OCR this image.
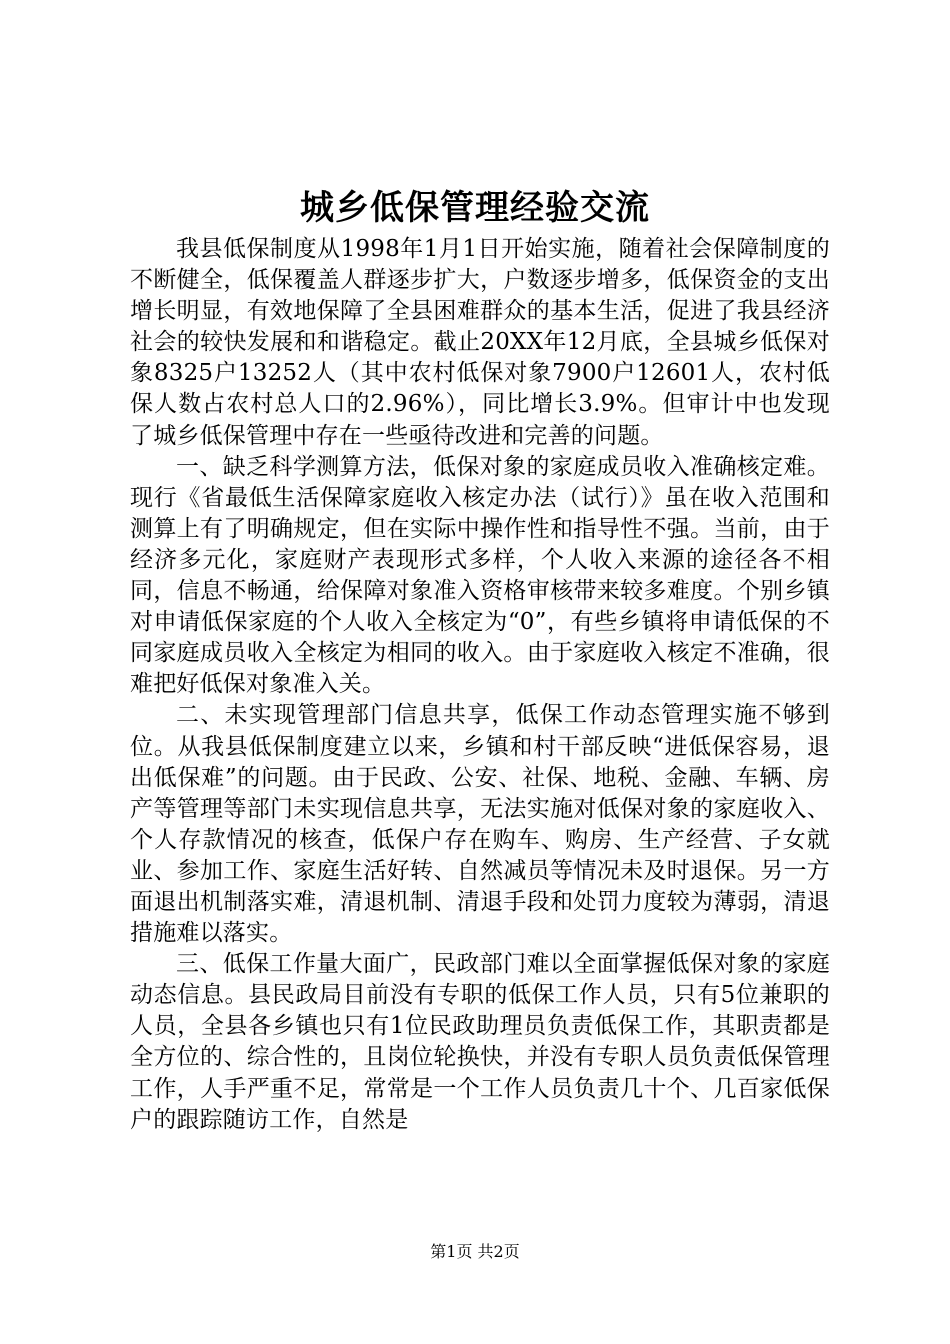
城乡低保管理经验交流

我县低保制度从1998年1月1日开始实施，随着社会保障制度的不断健全，低保覆盖人群逐步扩大，户数逐步增多，低保资金的支出增长明显，有效地保障了全县困难群众的基本生活，促进了我县经济社会的较快发展和和谐稳定。截止20XX年12月底，全县城乡低保对象8325户13252人（其中农村低保对象7900户12601人，农村低保人数占农村总人口的2.96%），同比增长3.9%。但审计中也发现了城乡低保管理中存在一些亟待改进和完善的问题。

一、缺乏科学测算方法，低保对象的家庭成员收入准确核定难。现行《省最低生活保障家庭收入核定办法（试行）》虽在收入范围和测算上有了明确规定，但在实际中操作性和指导性不强。当前，由于经济多元化，家庭财产表现形式多样，个人收入来源的途径各不相同，信息不畅通，给保障对象准入资格审核带来较多难度。个别乡镇对申请低保家庭的个人收入全核定为“0”，有些乡镇将申请低保的不同家庭成员收入全核定为相同的收入。由于家庭收入核定不准确，很难把好低保对象准入关。

二、未实现管理部门信息共享，低保工作动态管理实施不够到位。从我县低保制度建立以来，乡镇和村干部反映“进低保容易，退出低保难”的问题。由于民政、公安、社保、地税、金融、车辆、房产等管理等部门未实现信息共享，无法实施对低保对象的家庭收入、个人存款情况的核查，低保户存在购车、购房、生产经营、子女就业、参加工作、家庭生活好转、自然减员等情况未及时退保。另一方面退出机制落实难，清退机制、清退手段和处罚力度较为薄弱，清退措施难以落实。

三、低保工作量大面广，民政部门难以全面掌握低保对象的家庭动态信息。县民政局目前没有专职的低保工作人员，只有5位兼职的人员，全县各乡镇也只有1位民政助理员负责低保工作，其职责都是全方位的、综合性的，且岗位轮换快，并没有专职人员负责低保管理工作，人手严重不足，常常是一个工作人员负责几十个、几百家低保户的跟踪随访工作，自然是

第1页 共2页
